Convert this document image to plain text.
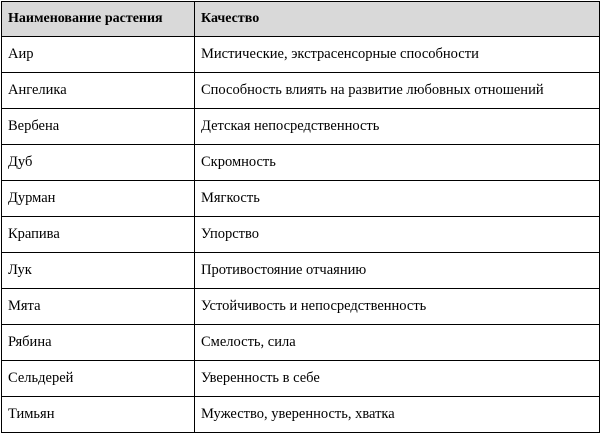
Наименование растения	Качество
Аир	Мистические, экстрасенсорные способности
Ангелика	Способность влиять на развитие любовных отношений
Вербена	Детская непосредственность
Дуб	Скромность
Дурман	Мягкость
Крапива	Упорство
Лук	Противостояние отчаянию
Мята	Устойчивость и непосредственность
Рябина	Смелость, сила
Сельдерей	Уверенность в себе
Тимьян	Мужество, уверенность, хватка
